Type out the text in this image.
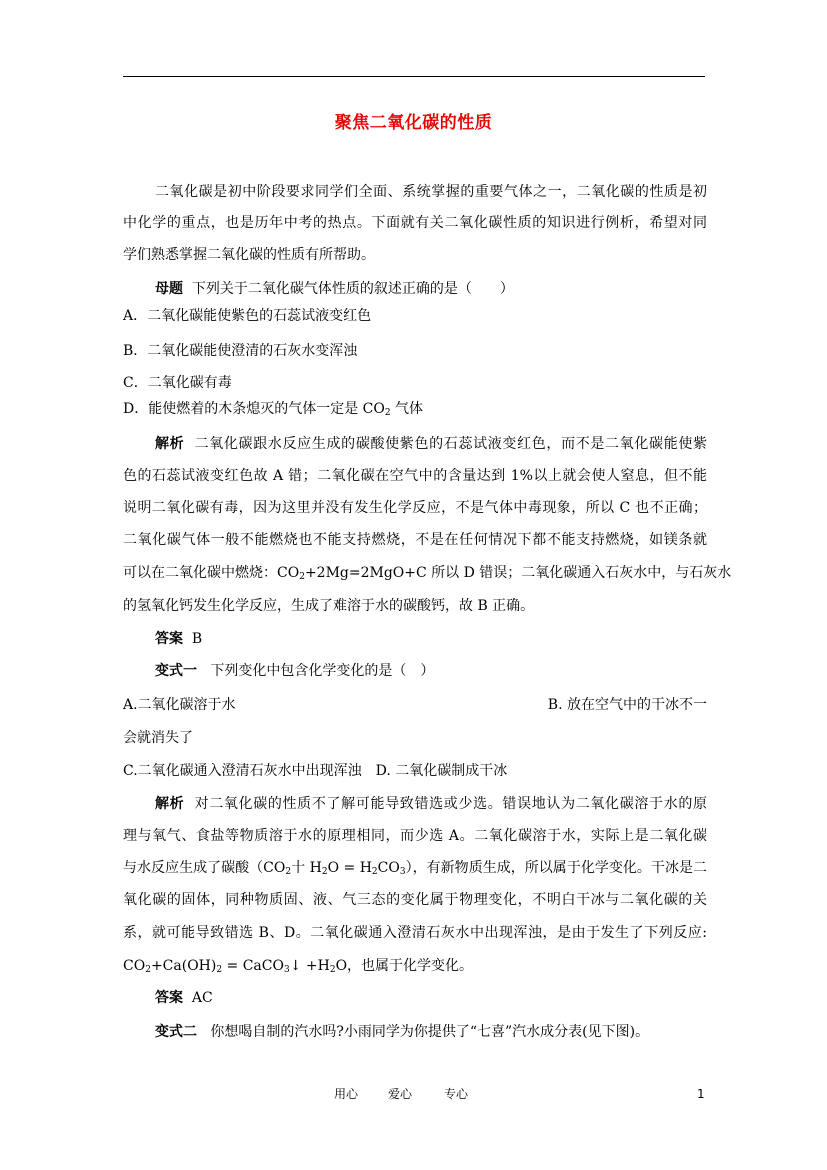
聚焦二氧化碳的性质
二氧化碳是初中阶段要求同学们全面、系统掌握的重要气体之一，二氧化碳的性质是初
中化学的重点，也是历年中考的热点。下面就有关二氧化碳性质的知识进行例析，希望对同
学们熟悉掌握二氧化碳的性质有所帮助。
母题 下列关于二氧化碳气体性质的叙述正确的是（　　）
A．二氧化碳能使紫色的石蕊试液变红色
B．二氧化碳能使澄清的石灰水变浑浊
C．二氧化碳有毒
D．能使燃着的木条熄灭的气体一定是 $CO_2$ 气体
解析 二氧化碳跟水反应生成的碳酸使紫色的石蕊试液变红色，而不是二氧化碳能使紫
色的石蕊试液变红色故 A 错；二氧化碳在空气中的含量达到 1%以上就会使人窒息，但不能
说明二氧化碳有毒，因为这里并没有发生化学反应，不是气体中毒现象，所以 C 也不正确；
二氧化碳气体一般不能燃烧也不能支持燃烧，不是在任何情况下都不能支持燃烧，如镁条就
可以在二氧化碳中燃烧：$CO_2+2Mg=2MgO+C$ 所以 D 错误；二氧化碳通入石灰水中，与石灰水
的氢氧化钙发生化学反应，生成了难溶于水的碳酸钙，故 B 正确。
答案 B
变式一 下列变化中包含化学变化的是（　）
A.二氧化碳溶于水	B. 放在空气中的干冰不一
会就消失了
C.二氧化碳通入澄清石灰水中出现浑浊　D. 二氧化碳制成干冰
解析 对二氧化碳的性质不了解可能导致错选或少选。错误地认为二氧化碳溶于水的原
理与氧气、食盐等物质溶于水的原理相同，而少选 A。二氧化碳溶于水，实际上是二氧化碳
与水反应生成了碳酸（$CO_2$十 $H_2O = H_2CO_3$），有新物质生成，所以属于化学变化。干冰是二
氧化碳的固体，同种物质固、液、气三态的变化属于物理变化，不明白干冰与二氧化碳的关
系，就可能导致错选 B、D。二氧化碳通入澄清石灰水中出现浑浊，是由于发生了下列反应:
$CO_2+Ca(OH)_2$ = CaCO$_3$↓ $+H_2O$，也属于化学变化。
答案 AC
变式二 你想喝自制的汽水吗?小雨同学为你提供了“七喜”汽水成分表(见下图)。
用心 爱心	专心	1
